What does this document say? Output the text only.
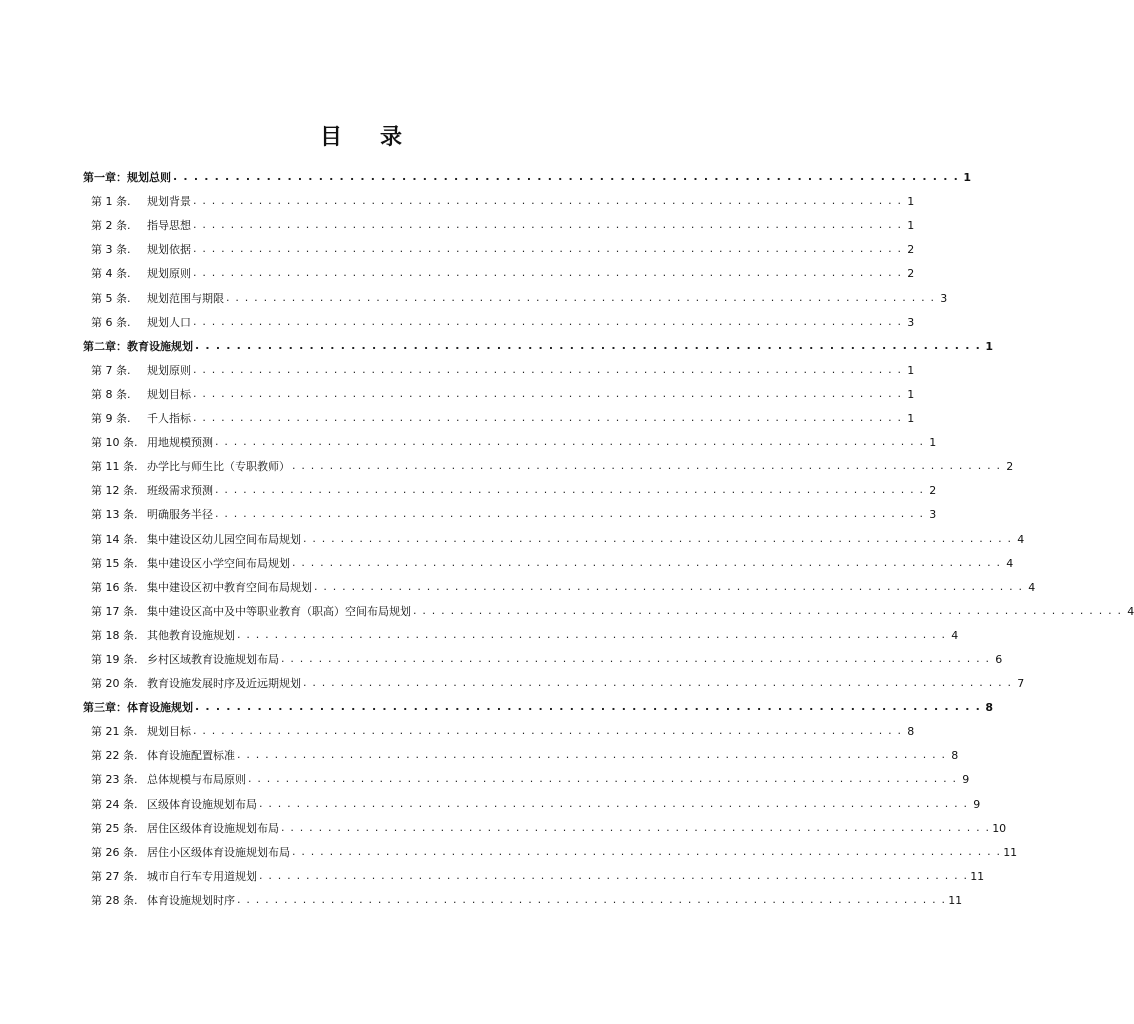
目 录
第一章：规划总则 . . . . . . . . . . . . . . . . . . . . . . . . . . . . . . . . . . . . . . . . . . . . . . . . . . . . . . . . . . . . . . . . . . . . . . . . . . . . 1
第 1 条.	规划背景 . . . . . . . . . . . . . . . . . . . . . . . . . . . . . . . . . . . . . . . . . . . . . . . . . . . . . . . . . . . . . . . . . . . . . . . . . . . . 1
第 2 条.	指导思想 . . . . . . . . . . . . . . . . . . . . . . . . . . . . . . . . . . . . . . . . . . . . . . . . . . . . . . . . . . . . . . . . . . . . . . . . . . . . 1
第 3 条.	规划依据 . . . . . . . . . . . . . . . . . . . . . . . . . . . . . . . . . . . . . . . . . . . . . . . . . . . . . . . . . . . . . . . . . . . . . . . . . . . . 2
第 4 条.	规划原则 . . . . . . . . . . . . . . . . . . . . . . . . . . . . . . . . . . . . . . . . . . . . . . . . . . . . . . . . . . . . . . . . . . . . . . . . . . . . 2
第 5 条.	规划范围与期限 . . . . . . . . . . . . . . . . . . . . . . . . . . . . . . . . . . . . . . . . . . . . . . . . . . . . . . . . . . . . . . . . . . . . . . . . . . . . 3
第 6 条.	规划人口 . . . . . . . . . . . . . . . . . . . . . . . . . . . . . . . . . . . . . . . . . . . . . . . . . . . . . . . . . . . . . . . . . . . . . . . . . . . . 3
第二章：教育设施规划 . . . . . . . . . . . . . . . . . . . . . . . . . . . . . . . . . . . . . . . . . . . . . . . . . . . . . . . . . . . . . . . . . . . . . . . . . . . . 1
第 7 条.	规划原则 . . . . . . . . . . . . . . . . . . . . . . . . . . . . . . . . . . . . . . . . . . . . . . . . . . . . . . . . . . . . . . . . . . . . . . . . . . . . 1
第 8 条.	规划目标 . . . . . . . . . . . . . . . . . . . . . . . . . . . . . . . . . . . . . . . . . . . . . . . . . . . . . . . . . . . . . . . . . . . . . . . . . . . . 1
第 9 条.	千人指标 . . . . . . . . . . . . . . . . . . . . . . . . . . . . . . . . . . . . . . . . . . . . . . . . . . . . . . . . . . . . . . . . . . . . . . . . . . . . 1
第 10 条. 用地规模预测 . . . . . . . . . . . . . . . . . . . . . . . . . . . . . . . . . . . . . . . . . . . . . . . . . . . . . . . . . . . . . . . . . . . . . . . . . . . . 1
第 11 条. 办学比与师生比（专职教师） . . . . . . . . . . . . . . . . . . . . . . . . . . . . . . . . . . . . . . . . . . . . . . . . . . . . . . . . . . . . . . . . . . . . . . . . . . . . 2
第 12 条. 班级需求预测 . . . . . . . . . . . . . . . . . . . . . . . . . . . . . . . . . . . . . . . . . . . . . . . . . . . . . . . . . . . . . . . . . . . . . . . . . . . . 2
第 13 条. 明确服务半径 . . . . . . . . . . . . . . . . . . . . . . . . . . . . . . . . . . . . . . . . . . . . . . . . . . . . . . . . . . . . . . . . . . . . . . . . . . . . 3
第 14 条. 集中建设区幼儿园空间布局规划 . . . . . . . . . . . . . . . . . . . . . . . . . . . . . . . . . . . . . . . . . . . . . . . . . . . . . . . . . . . . . . . . . . . . . . . . . . . . 4
第 15 条. 集中建设区小学空间布局规划 . . . . . . . . . . . . . . . . . . . . . . . . . . . . . . . . . . . . . . . . . . . . . . . . . . . . . . . . . . . . . . . . . . . . . . . . . . . . 4
第 16 条. 集中建设区初中教育空间布局规划 . . . . . . . . . . . . . . . . . . . . . . . . . . . . . . . . . . . . . . . . . . . . . . . . . . . . . . . . . . . . . . . . . . . . . . . . . . . . 4
第 17 条. 集中建设区高中及中等职业教育（职高）空间布局规划 . . . . . . . . . . . . . . . . . . . . . . . . . . . . . . . . . . . . . . . . . . . . . . . . . . . . . . . . . . . . . . . . . . . . . . . . . . . . 4
第 18 条. 其他教育设施规划 . . . . . . . . . . . . . . . . . . . . . . . . . . . . . . . . . . . . . . . . . . . . . . . . . . . . . . . . . . . . . . . . . . . . . . . . . . . . 4
第 19 条. 乡村区域教育设施规划布局 . . . . . . . . . . . . . . . . . . . . . . . . . . . . . . . . . . . . . . . . . . . . . . . . . . . . . . . . . . . . . . . . . . . . . . . . . . . . 6
第 20 条. 教育设施发展时序及近远期规划 . . . . . . . . . . . . . . . . . . . . . . . . . . . . . . . . . . . . . . . . . . . . . . . . . . . . . . . . . . . . . . . . . . . . . . . . . . . . 7
第三章：体育设施规划 . . . . . . . . . . . . . . . . . . . . . . . . . . . . . . . . . . . . . . . . . . . . . . . . . . . . . . . . . . . . . . . . . . . . . . . . . . . . 8
第 21 条. 规划目标 . . . . . . . . . . . . . . . . . . . . . . . . . . . . . . . . . . . . . . . . . . . . . . . . . . . . . . . . . . . . . . . . . . . . . . . . . . . . 8
第 22 条. 体育设施配置标准 . . . . . . . . . . . . . . . . . . . . . . . . . . . . . . . . . . . . . . . . . . . . . . . . . . . . . . . . . . . . . . . . . . . . . . . . . . . . 8
第 23 条. 总体规模与布局原则 . . . . . . . . . . . . . . . . . . . . . . . . . . . . . . . . . . . . . . . . . . . . . . . . . . . . . . . . . . . . . . . . . . . . . . . . . . . . 9
第 24 条. 区级体育设施规划布局 . . . . . . . . . . . . . . . . . . . . . . . . . . . . . . . . . . . . . . . . . . . . . . . . . . . . . . . . . . . . . . . . . . . . . . . . . . . . 9
第 25 条. 居住区级体育设施规划布局 . . . . . . . . . . . . . . . . . . . . . . . . . . . . . . . . . . . . . . . . . . . . . . . . . . . . . . . . . . . . . . . . . . . . . . . . . . . . 10
第 26 条. 居住小区级体育设施规划布局 . . . . . . . . . . . . . . . . . . . . . . . . . . . . . . . . . . . . . . . . . . . . . . . . . . . . . . . . . . . . . . . . . . . . . . . . . . . . 11
第 27 条. 城市自行车专用道规划 . . . . . . . . . . . . . . . . . . . . . . . . . . . . . . . . . . . . . . . . . . . . . . . . . . . . . . . . . . . . . . . . . . . . . . . . . . . . 11
第 28 条. 体育设施规划时序 . . . . . . . . . . . . . . . . . . . . . . . . . . . . . . . . . . . . . . . . . . . . . . . . . . . . . . . . . . . . . . . . . . . . . . . . . . . . 11
